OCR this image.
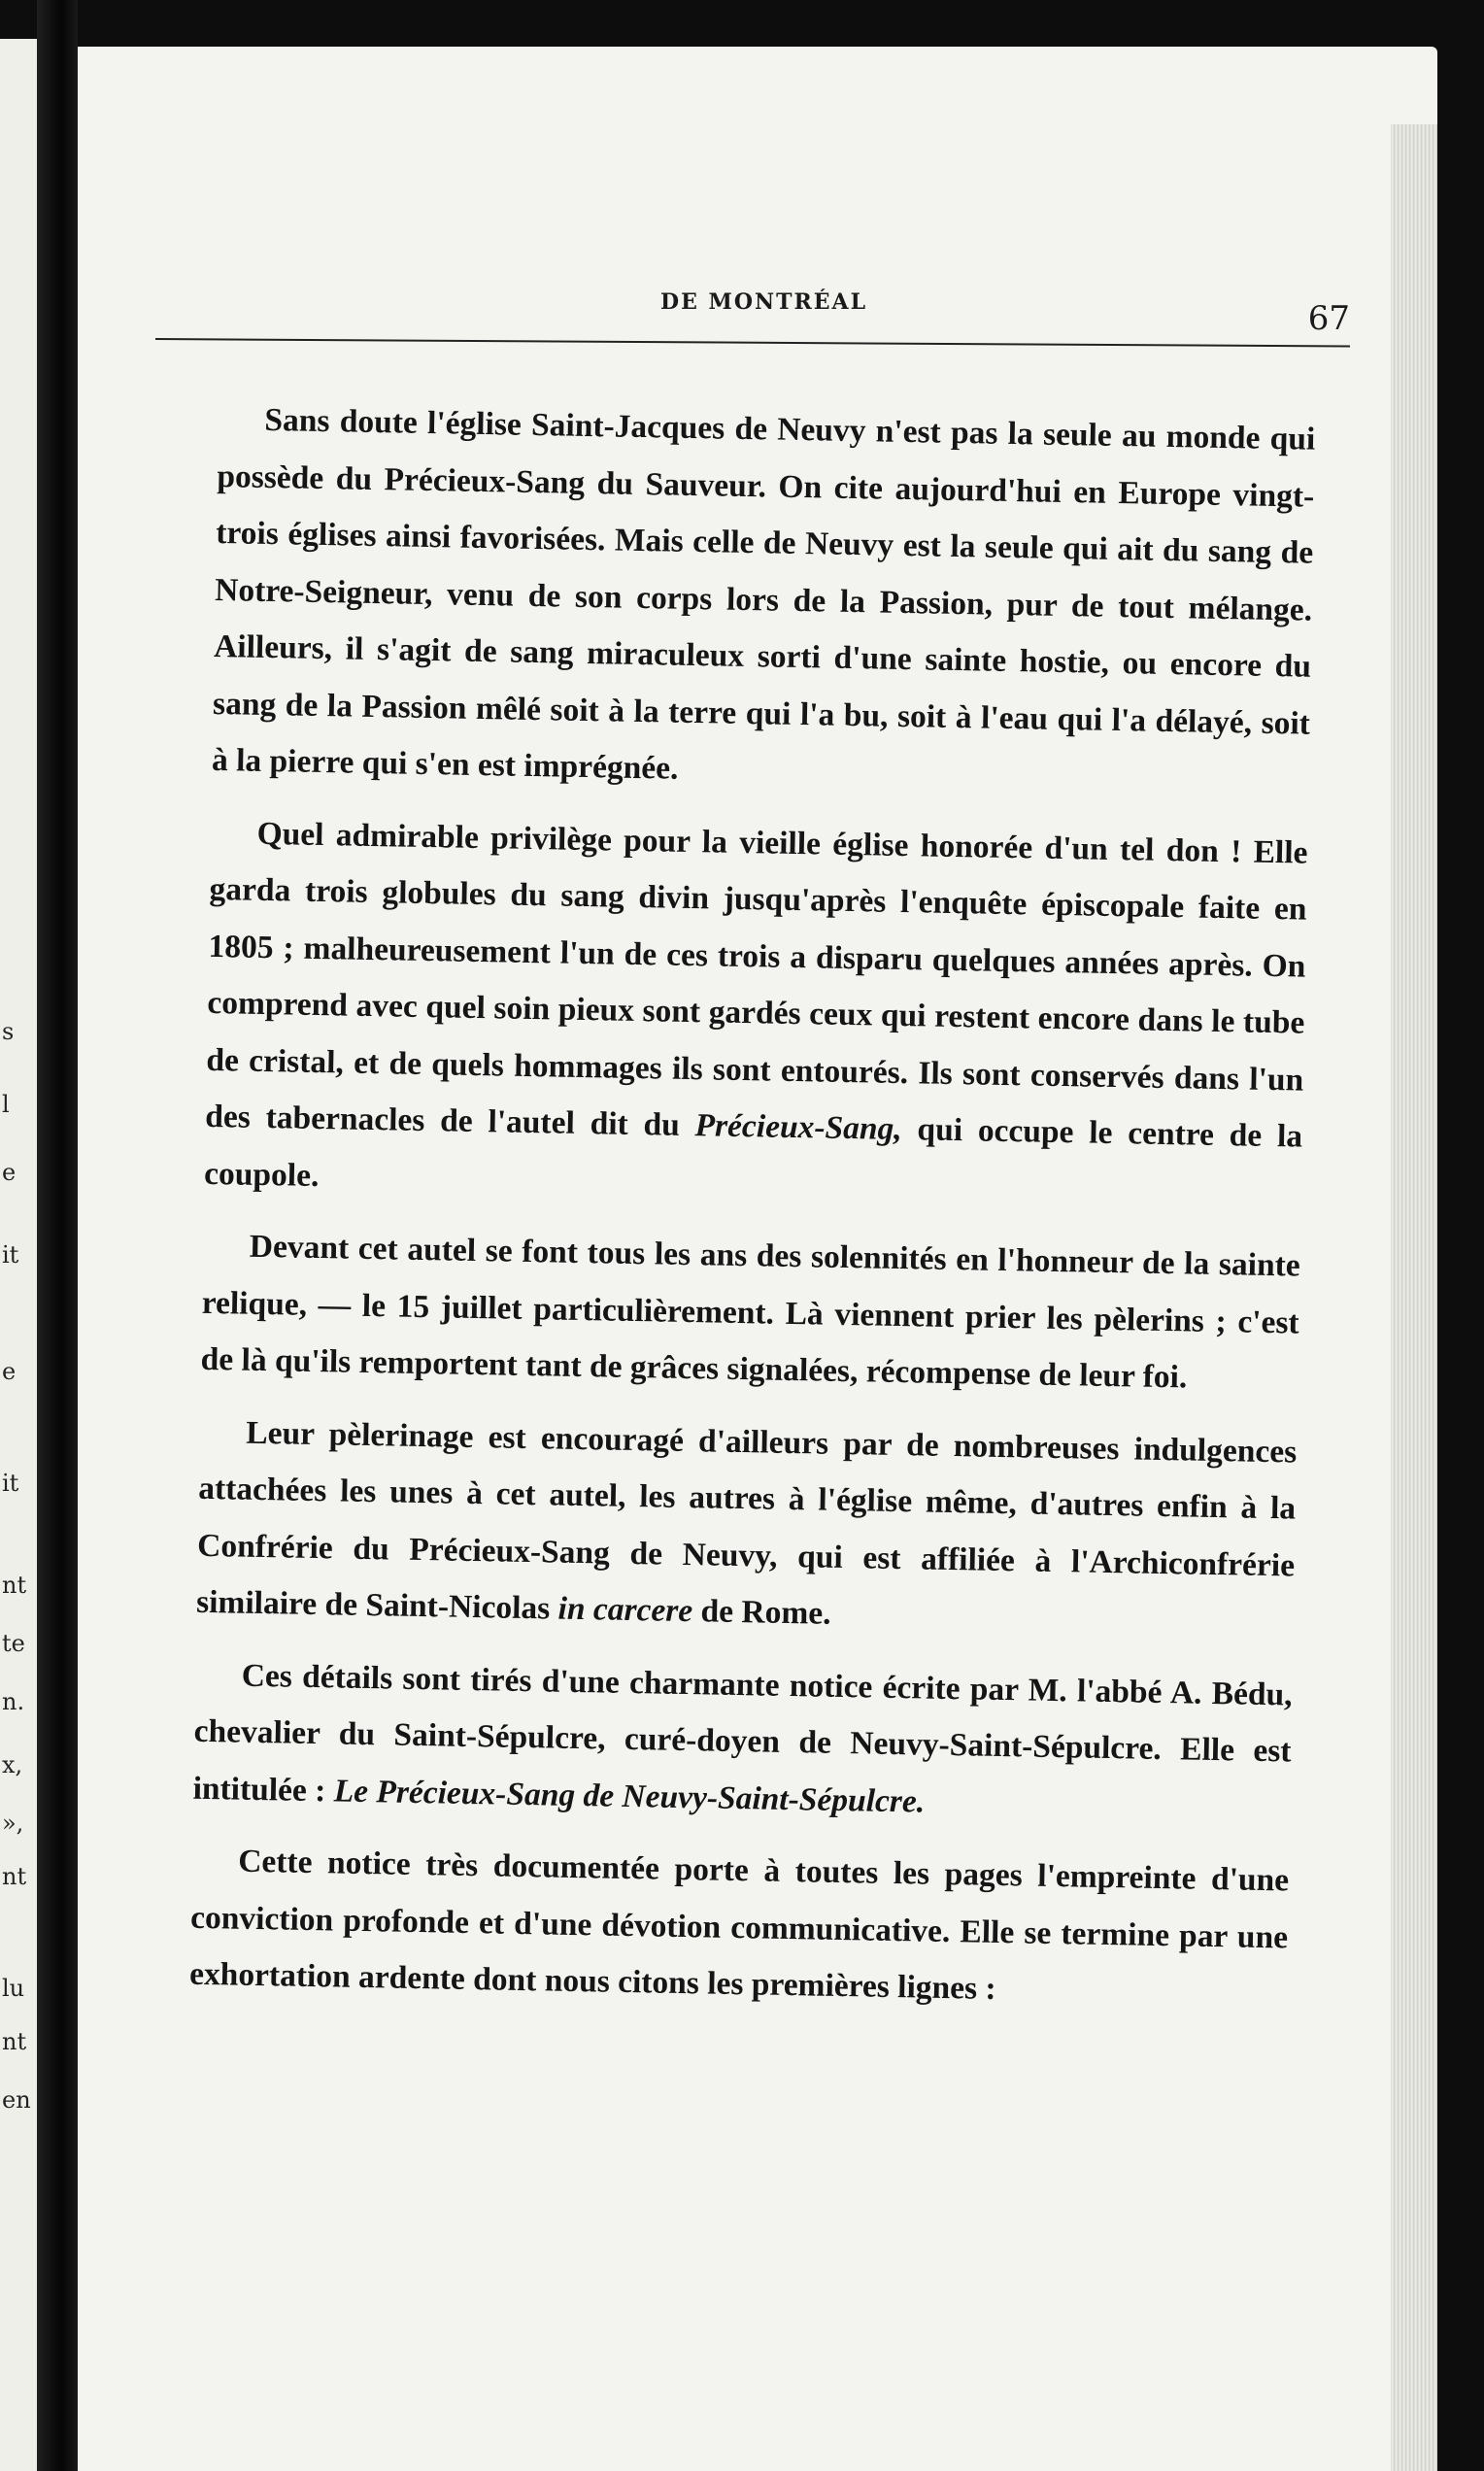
s
l
e
it
e
it
nt
te
n.
x,
»,
nt
lu
nt
en
DE MONTRÉAL	67

Sans doute l'église Saint-Jacques de Neuvy n'est pas la seule au monde qui possède du Précieux-Sang du Sauveur. On cite aujourd'hui en Europe vingt-trois églises ainsi favorisées. Mais celle de Neuvy est la seule qui ait du sang de Notre-Seigneur, venu de son corps lors de la Passion, pur de tout mélange. Ailleurs, il s'agit de sang miraculeux sorti d'une sainte hostie, ou encore du sang de la Passion mêlé soit à la terre qui l'a bu, soit à l'eau qui l'a délayé, soit à la pierre qui s'en est imprégnée.

Quel admirable privilège pour la vieille église honorée d'un tel don ! Elle garda trois globules du sang divin jusqu'après l'enquête épiscopale faite en 1805 ; malheureusement l'un de ces trois a disparu quelques années après. On comprend avec quel soin pieux sont gardés ceux qui restent encore dans le tube de cristal, et de quels hommages ils sont entourés. Ils sont conservés dans l'un des tabernacles de l'autel dit du Précieux-Sang, qui occupe le centre de la coupole.

Devant cet autel se font tous les ans des solennités en l'honneur de la sainte relique, — le 15 juillet particulièrement. Là viennent prier les pèlerins ; c'est de là qu'ils remportent tant de grâces signalées, récompense de leur foi.

Leur pèlerinage est encouragé d'ailleurs par de nombreuses indulgences attachées les unes à cet autel, les autres à l'église même, d'autres enfin à la Confrérie du Précieux-Sang de Neuvy, qui est affiliée à l'Archiconfrérie similaire de Saint-Nicolas in carcere de Rome.

Ces détails sont tirés d'une charmante notice écrite par M. l'abbé A. Bédu, chevalier du Saint-Sépulcre, curé-doyen de Neuvy-Saint-Sépulcre. Elle est intitulée : Le Précieux-Sang de Neuvy-Saint-Sépulcre.

Cette notice très documentée porte à toutes les pages l'empreinte d'une conviction profonde et d'une dévotion communicative. Elle se termine par une exhortation ardente dont nous citons les premières lignes :
